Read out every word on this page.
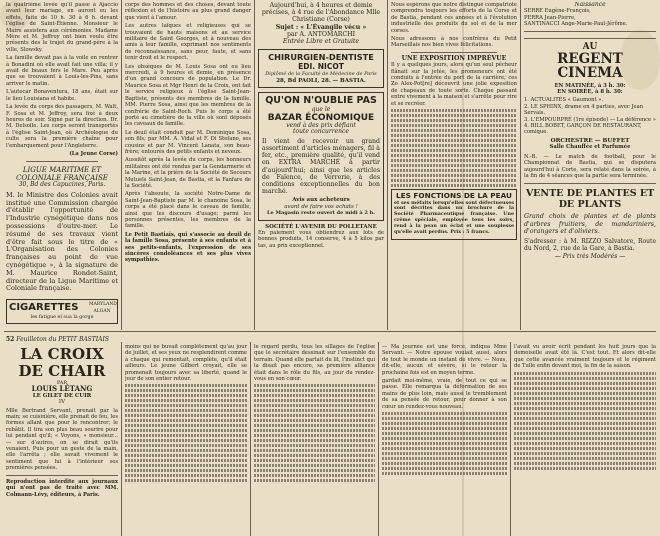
la quatrième levée qu'il passe à Ajaccio avant leur mariage, en auront eu les effets, faite de 10 h. 30 à 6 h. devant l'église de Saint-Étienne. Monsieur le Maire assistera aux cérémonies. Madame Mère et M. Jeffroy ont bien voulu être présents des le trajet du grand-père à la ville, Slowsky.

La famille devait pas à la voile en rentrer à Bonadini où elle avait fait une villa; il y avait de beaux fers le Mare. Peu après que se trouvaient à Louis-les-Pins, sans arriver le matin.

L'autocar Bonaventura, 18 ans, était sur le lieu Louisiana et habite.

La levée du corps des passagers, M. Walt, F. Sosa et M. Jeffroy, sera fixé à deux heures de soir. Signé par la direction. Dr. M. Delsolle. Les corps seront transportés à l'église Saint-Jean, où Archéologue du culte sera la première chaîne pour l'embarquement pour l'Angleterre.

(La Jeune Corse)

LIGUE MARITIME ET COLONIALE FRANÇAISE
30, Bd des Capucines, Paris.

M. le Ministre des Colonies avait institué une Commission chargée d'établir l'opportunité de l'Industrie cynégétique dans nos possessions d'outre-mer. Le résumé de ses travaux vient d'être fait sous le titre de « L'Organisation des Colonies françaises au point de vue cynégétique », à la signature de M. Maurice Rondet-Saint, directeur de la Ligue Maritime et Coloniale française.

CIGARETTES MARYLAND ALGAN
les fatigue el sua la gorge

corps des hommes et des choses, devant toute réflexion et de l'histoire au plus grand danger que vient à l'amour.

Les autres laïques et religieuses qui se trouvaient de hauts maisons et au service militaire de Saint Georges, et à nouveau des amis à leur famille, exprimant nos sentiments de reconnaissance, sans peur, faute, et sans tenir droit et le respect.

Les obsèques de M. Louis Sosa ont eu lieu mercredi, à 9 heures et demie, en présence d'un grand concours de population. Le Dr. Maurice Sosa et Mgr Henri de la Croix, ont fait le service religieux à l'église Saint-Jean-Baptiste, présents des membres de la famille. MM. Pierre Sosa, ainsi que les membres de la confrérie de Saint-Roch. Puis le corps a été porté au cimetière de la ville où sont déposés les caveaux de famille.

Le deuil était conduit par M. Dominique Sosa, son fils; par MM. A. Vidal et F. Di Stefano, ses cousins et par M. Vincent Lanata, son beau-frère; entourés des petits enfants et neveux.

Aussitôt après la levée du corps, les honneurs militaires ont été rendus par la Gendarmerie et la Marine, et la prière de la Société de Secours Mutuels Saint-Jean, de Bastia, et la Fanfare de la Société.

Après l'absoute, la société Notre-Dame de Saint-Jean-Baptiste par M. le chanoine Sosa, le corps a été placé dans le caveau de famille, ainsi que les discours d'usage; parmi les personnes présentes, les membres de la famille.

Le Petit Bastiais, qui s'associe au deuil de la famille Sosa, présente à ses enfants et à ses petits-enfants, l'expression de ses sincères condoléances et ses plus vives sympathies.

Aujourd'hui, à 4 heures et demie précises, à 4 rue de l'Abondance Mlle Christiane (Corse)
Sujet : « L'Évangile vécu »
par A. ANTOMARCHI
Entrée Libre et Gratuite
CHIRURGIEN-DENTISTE
EDI. NICOT
Diplômé de la Faculté de Médecine de Paris
28, Bd PAOLI, 28. — BASTIA.
QU'ON N'OUBLIE PAS
que le
BAZAR ÉCONOMIQUE
vend à des prix défiant
toute concurrence

Il vient de recevoir un grand assortiment d'articles ménagers, fil à fer, etc., première qualité, qu'il vend en EXTRA MARCHÉ à partir d'aujourd'hui; ainsi que les articles de Faïence, de Verrerie, à des conditions exceptionnelles du bon marché.

Avis aux acheteurs
avant de faire vos achats !
Le Magasin reste ouvert de midi à 2 h.
SOCIÉTÉ L'AVENIR DU POLLETANE

En paiement vous obtiendrez aux lots de bonnes produits, 14 conserve, 4 à 5 kilos par tas, au prix exceptionnel.

Nous espérons que notre distingué compatriote comprendra toujours les efforts de la Corse et de Bastia, pendant ces années et à l'évolution industrielle des produits du sol et de la mer corses.

Nous adressons à nos confrères du Petit Marseillais nos bien vives félicitations.

UNE EXPOSITION IMPRÉVUE

Il y a quelques jours, alors qu'un seul pêcheur flânait sur la jetée, les promeneurs ont été conduits à l'entrée du port de la carrière; ces Zo Alex-Pot[re] découvrit une jolie exposition de chapeaux de toute sorte. Chaque passant entre vivement à la maison et s'arrête pour rire et se recréer.

LES FONCTIONS DE LA PEAU

et ses méfaits lorsqu'elles sont défectueuses sont décrites dans un brochure de la Société Pharmaceutique française. Une crème spéciale, employée tous les soirs, rend à la peau un éclat et une souplesse qu'elle avait perdus. Prix : 5 francs.

Naissance
SERRE Eugène-François,
PERRA Jean-Pierre,
SANTINACCI Ange-Marie-Paul-Jérôme.
AU
REGENT CINEMA
EN MATINÉE, à 3 h. 30:
EN SOIRÉE, à 8 h. 30:
1. ACTUALITÉS « Gaumont ».
2. LE SPHINX, drame en 4 parties, avec Jean Servais.
3. L'EMPOURPRÉ (1re épisode) — La déférence »
4. BILL BOBET, GARÇON DE RESTAURANT, comique.
ORCHESTRE — BUFFET
Salle Chauffée et Parfumée

N.-B. — Le match de football, pour le Championnat de Bastia, qui se disputera aujourd'hui à Corte, sera relaté dans la soirée, à la fin de 4 séances que la partie sera terminée.

VENTE DE PLANTES ET DE PLANTS

Grand choix de plantes et de plants d'arbres fruitiers, de mandariniers, d'orangers et d'oliviers.

S'adresser : à M. RIZZO Salvatore, Route du Nord, 2, rue de la Gare, à Bastia.

— Prix très Modérés —
52 Feuilleton du PETIT BASTIAIS
LA CROIX DE CHAIR
PAR
LOUIS LÉTANG
LE GILET DE CUIR
IV

Mlle Bertrand Servant, prenait par la main; se cuisinière, elle prenait de feu, les formes allant que pour le rencontrer; le rebâtit. Il tira son plus beau sourire pour lui pendant qu'il; « Voyons, » monsieur... — sur d'autres, on se dirait qu'ils venaient. Puis pour un geste de la main, elle l'arrêta ; elle savait vivement le sentiment que lui à l'intérieur ses premières pensées.

Reproduction interdite aux journaux qui n'ont pas de traité avec MM. Colmann-Lévy, éditeurs, à Paris.

moins qui ne buvait complètement qu'au jour de juillet, et ses yeux ne resplendirent comme à chaque qui remontait, complète, qu'il était ailleurs. Le jeune Gilbert croyait, elle se promenait toujours avec sa liberté, quand le jour de son entier retour.

le regard perdu, tous les sillages de l'église que le secrétaire dessinait sur l'ensemble du terrain. Quand elle partait du lit, l'instinct qui la disait pas encore, sa première alliance était dans le rôle du fils, au jour du rendez-vous en son cœur.

— Ma journée est une force, indiqua Mme Servant. — Notre épouse voulait aussi, alors de tout le monde un instant de vivre. — Nous, dit-elle, aucun et sévère, si le retour la prochaine fois est en moyen terme.

gardait moi-même, vraie, de tout ce qui se passe. Elle remarqua la déformation de ses mains de plus loin, mais aussi le tremblement de sa pensée de retour, pour donner à son cœur un rendez-vous nouveau.

l'avait vu avoir écrit pendant les huit jours que la demoiselle avait été là. C'est tout. Et alors dit-elle que cette avancée vraiment toujours et le régiment de Tulle enfin devant moi, la fin de la saison.
